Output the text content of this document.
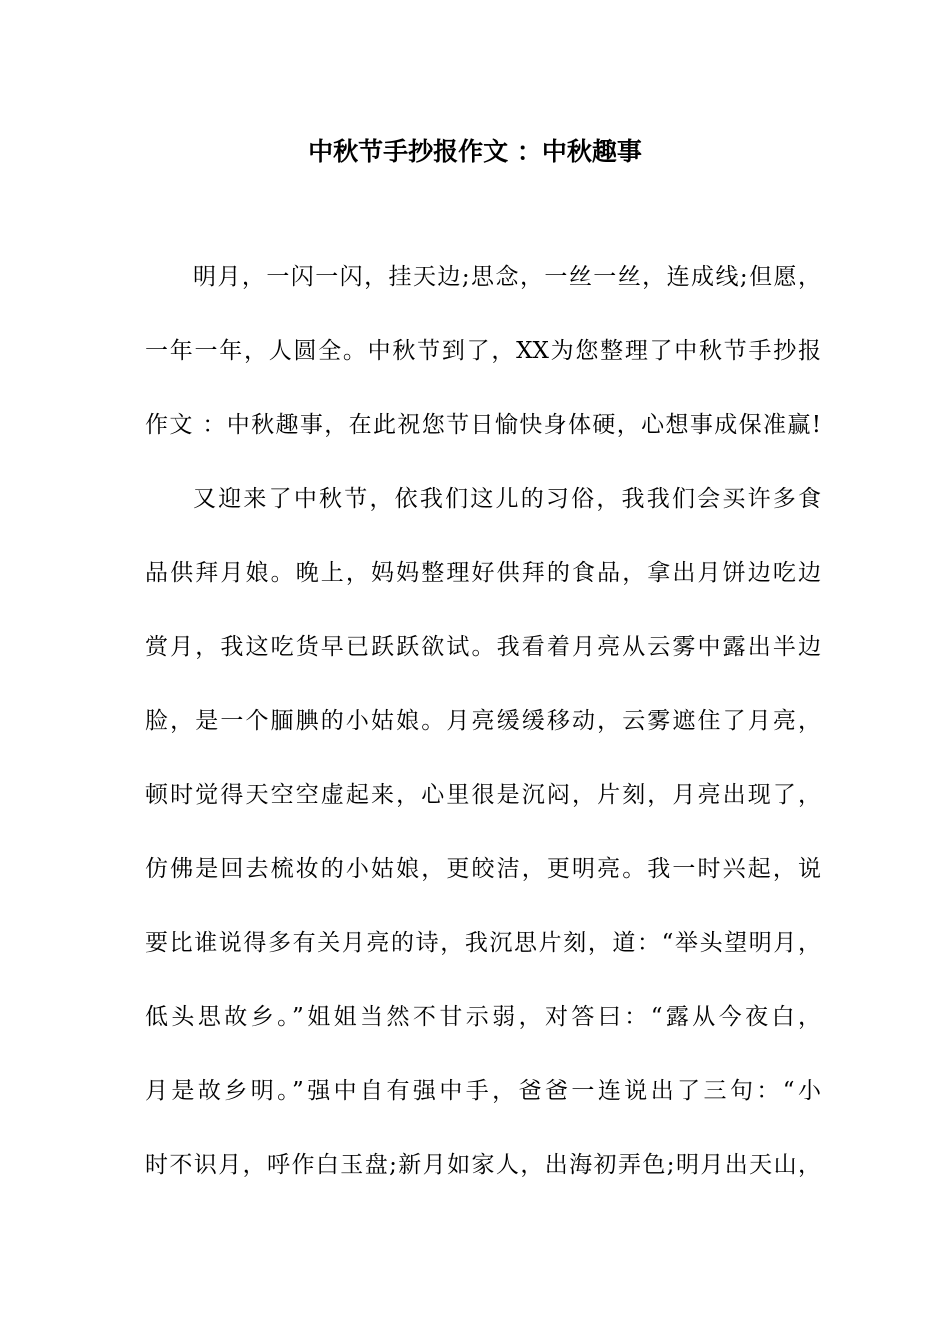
中秋节手抄报作文 ：中秋趣事
明月，一闪一闪，挂天边;思念，一丝一丝，连成线;但愿，
一年一年，人圆全。中秋节到了，XX为您整理了中秋节手抄报
作文 ：中秋趣事，在此祝您节日愉快身体硬，心想事成保准赢!
又迎来了中秋节，依我们这儿的习俗，我我们会买许多食
品供拜月娘。晚上，妈妈整理好供拜的食品，拿出月饼边吃边
赏月，我这吃货早已跃跃欲试。我看着月亮从云雾中露出半边
脸，是一个腼腆的小姑娘。月亮缓缓移动，云雾遮住了月亮，
顿时觉得天空空虚起来，心里很是沉闷，片刻，月亮出现了，
仿佛是回去梳妆的小姑娘，更皎洁，更明亮。我一时兴起，说
要比谁说得多有关月亮的诗，我沉思片刻，道：“举头望明月，
低头思故乡。”姐姐当然不甘示弱，对答曰：“露从今夜白，
月是故乡明。”强中自有强中手，爸爸一连说出了三句：“小
时不识月，呼作白玉盘;新月如家人，出海初弄色;明月出天山，
